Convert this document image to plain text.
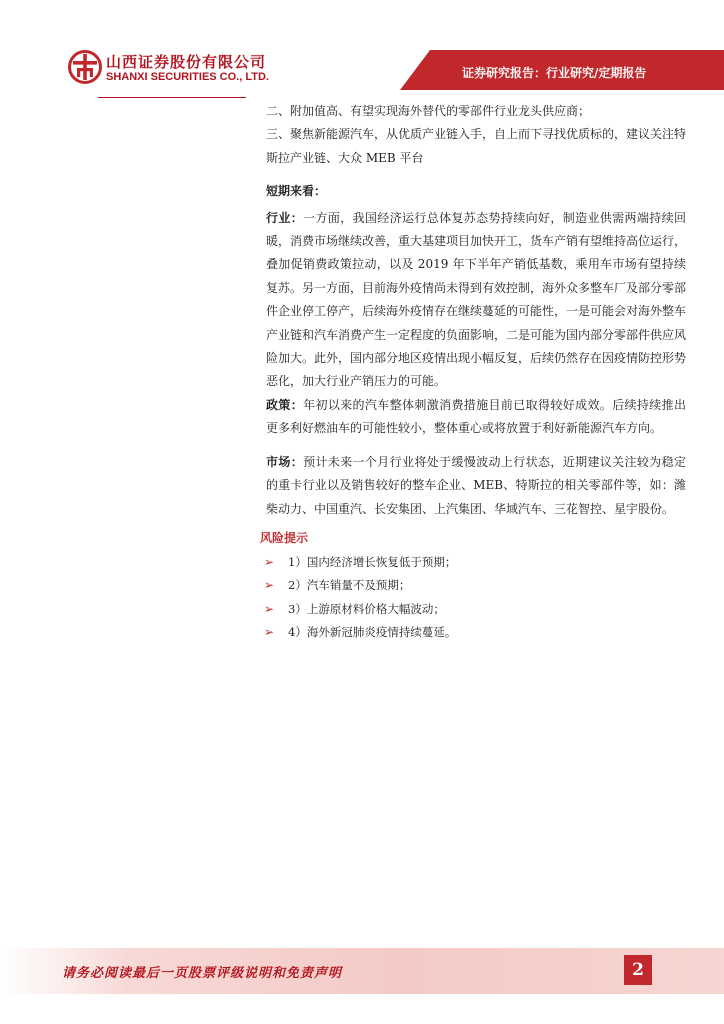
山西证券股份有限公司
SHANXI SECURITIES CO., LTD.	证券研究报告：行业研究/定期报告

二、附加值高、有望实现海外替代的零部件行业龙头供应商；

三、聚焦新能源汽车，从优质产业链入手，自上而下寻找优质标的，建议关注特斯拉产业链、大众 MEB 平台

短期来看：

行业：一方面，我国经济运行总体复苏态势持续向好，制造业供需两端持续回暖，消费市场继续改善，重大基建项目加快开工，货车产销有望维持高位运行，叠加促销费政策拉动，以及 2019 年下半年产销低基数，乘用车市场有望持续复苏。另一方面，目前海外疫情尚未得到有效控制，海外众多整车厂及部分零部件企业停工停产，后续海外疫情存在继续蔓延的可能性，一是可能会对海外整车产业链和汽车消费产生一定程度的负面影响，二是可能为国内部分零部件供应风险加大。此外，国内部分地区疫情出现小幅反复，后续仍然存在因疫情防控形势恶化，加大行业产销压力的可能。

政策：年初以来的汽车整体刺激消费措施目前已取得较好成效。后续持续推出更多利好燃油车的可能性较小，整体重心或将放置于利好新能源汽车方向。

市场：预计未来一个月行业将处于缓慢波动上行状态，近期建议关注较为稳定的重卡行业以及销售较好的整车企业、MEB、特斯拉的相关零部件等，如：潍柴动力、中国重汽、长安集团、上汽集团、华域汽车、三花智控、星宇股份。

风险提示
➢ 1）国内经济增长恢复低于预期；
➢ 2）汽车销量不及预期；
➢ 3）上游原材料价格大幅波动；
➢ 4）海外新冠肺炎疫情持续蔓延。
请务必阅读最后一页股票评级说明和免责声明	2
